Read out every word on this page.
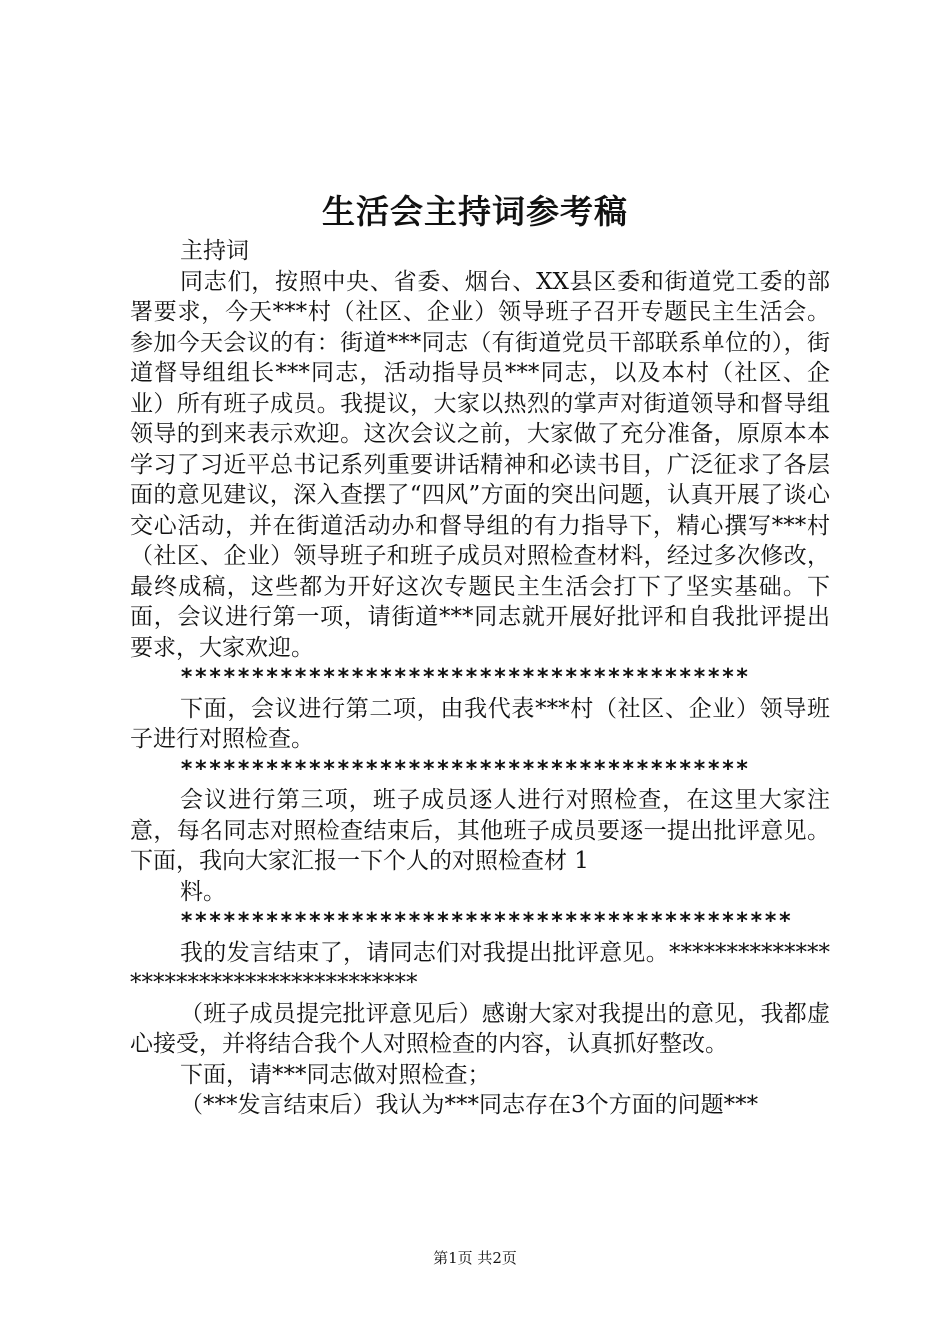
生活会主持词参考稿

主持词

同志们，按照中央、省委、烟台、XX县区委和街道党工委的部署要求，今天***村（社区、企业）领导班子召开专题民主生活会。参加今天会议的有：街道***同志（有街道党员干部联系单位的），街道督导组组长***同志，活动指导员***同志，以及本村（社区、企业）所有班子成员。我提议，大家以热烈的掌声对街道领导和督导组领导的到来表示欢迎。这次会议之前，大家做了充分准备，原原本本学习了习近平总书记系列重要讲话精神和必读书目，广泛征求了各层面的意见建议，深入查摆了“四风”方面的突出问题，认真开展了谈心交心活动，并在街道活动办和督导组的有力指导下，精心撰写***村（社区、企业）领导班子和班子成员对照检查材料，经过多次修改，最终成稿，这些都为开好这次专题民主生活会打下了坚实基础。下面，会议进行第一项，请街道***同志就开展好批评和自我批评提出要求，大家欢迎。

****************************************

下面，会议进行第二项，由我代表***村（社区、企业）领导班子进行对照检查。

****************************************

会议进行第三项，班子成员逐人进行对照检查，在这里大家注意，每名同志对照检查结束后，其他班子成员要逐一提出批评意见。下面，我向大家汇报一下个人的对照检查材 1

料。

*******************************************

我的发言结束了，请同志们对我提出批评意见。***************************************

（班子成员提完批评意见后）感谢大家对我提出的意见，我都虚心接受，并将结合我个人对照检查的内容，认真抓好整改。

下面，请***同志做对照检查；

（***发言结束后）我认为***同志存在3个方面的问题***

第1页 共2页
